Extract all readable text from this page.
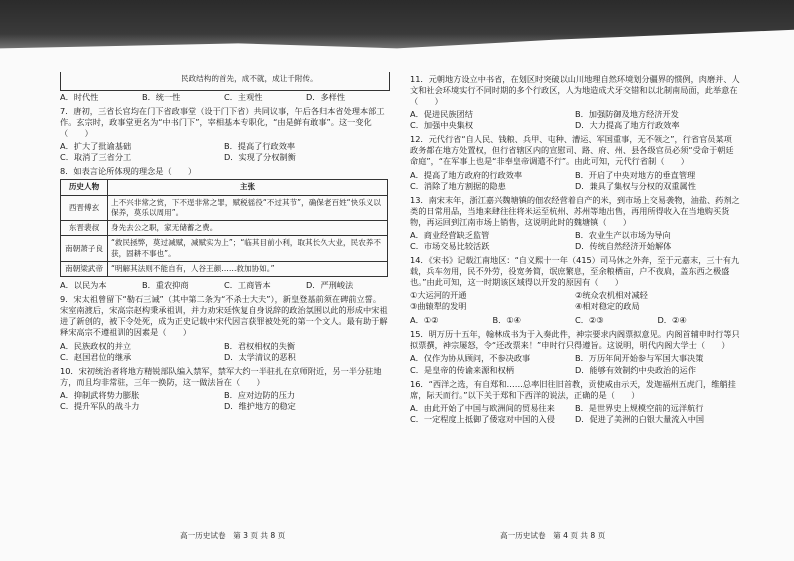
民政结构的首先，成不就，成让千附传。
A．时代性	B．统一性	C．主观性	D．多样性

7．唐初，三省长官均在门下省政事堂（设于门下省）共同议事，午后各归本省处理本部工作。玄宗时，政事堂更名为“中书门下”，宰相基本专职化，“由是鲜有敢事”。这一变化（　　）

A．扩大了批谕基础	B．提高了行政效率
C．取消了三省分工	D．实现了分权制衡

8．如表言论所体现的理念是（　　）

历史人物	主张
西晋傅玄	上不兴非常之赏，下不逞非常之罪，赋税徭役“不过其节”，确保老百姓“快乐义以保养，莫乐以周用”。
东晋裴叔	身先去公之职，家无储蓄之费。
南朝萧子良	“救民拯弊，莫过减赋，减赋实为上”；“临其目前小利，取其长久大业，民农养不获，固耕不事也”。
南朝梁武帝	“明解其法则不能自有，人谷王颜……救加协如。”
A．以民为本	B．重农抑商	C．工商皆本	D．严刑峻法

9．宋太祖曾留下“勒石三诫”（其中第二条为“不杀士大夫”），新皇登基前须在碑前立誓。宋室南渡后，宋高宗赵构秉承祖训，并力劝宋廷恢复自身说辞的政治氛围以此的形成中宋祖进了新创的，被下令处死，成为正史记载中宋代因言获罪被处死的第一个文人。最有助于解释宋高宗不遵祖训的因素是（　　）

A．民族政权的并立	B．君权相权的失衡
C．赵国君位的继承	D．太学清议的恶积

10．宋初统治者将地方精锐部队编入禁军，禁军大约一半驻扎在京师附近，另一半分驻地方，而且均非常驻，三年一换防，这一做法旨在（　　）

A．抑制武将势力膨胀	B．应对边防的压力
C．提升军队的战斗力	D．维护地方的稳定

11．元朝地方设立中书省，在划区时突破以山川地理自然环境划分疆界的惯例，肉磨并、人文和社会环境实行不同时期的多个行政区，人为地造成犬牙交错和以北制南局面，此举意在（　　）

A．促进民族团结	B．加强防御及地方经济开发
C．加强中央集权	D．大力提高了地方行政效率

12．元代行省“自人民、钱粮、兵甲、屯种、漕运、军国重事，无不领之”，行省官员某项政务都在地方处置权，但行省辖区内的宣慰司、路、府、州、县各级官员必须“受命于朝廷命庭”，“在军事上也是“非奉皇帝调遣不行”。由此可知，元代行省制（　　）

A．提高了地方政府的行政效率	B．开启了中央对地方的垂直管理
C．消除了地方割据的隐患	D．兼具了集权与分权的双重属性

13．南宋末年，浙江嘉兴魏塘镇的佃农经营着自产的米，到市场上交易袭物，油盐、药剂之类的日常用品，当地来肆往往将米运至杭州、苏州等地出售，再用所得收入在当地购买货物，再运回到江南市场上销售，这说明此时的魏塘镇（　　）

A．商业经营缺乏监管	B．农业生产以市场为导向
C．市场交易比较活跃	D．传统自然经济开始解体

14．《宋书》记载江南地区：“自义熙十一年（415）司马休之外奔，至于元嘉末，三十有九载，兵车勿用，民不外劳，役宽务简，氓庶繁息，至余粮栖亩，户不夜扃，盖东西之极盛也。”由此可知，这一时期该区域得以开发的原因有（　　）

①大运河的开通	②统众农机相对减轻
③曲辕犁的发明	④相对稳定的政局
A．①②	B．①④	C．②③	D．②④

15．明万历十五年，翰林成书为于入奏此件，神宗要求内阁票拟意见。内阁首辅申时行等只拟票撰，神宗屡怒，令“还改票来！”申时行只得遵旨。这说明，明代内阁大学士（　　）

A．仅作为协从顾问，不参决政事	B．万历年间开始参与军国大事决策
C．是皇帝的传谕来源和权柄	D．能够有效制约中央政治的运作

16．“西洋之选，有自郑和……总率旧往旧首教，贡使咸由示天，发迦福州五虎门，维艄挂席，际天而行。”以下关于郑和下西洋的说法，正确的是（　　）

A．由此开始了中国与欧洲间的贸易往来	B．是世界史上规模空前的远洋航行
C．一定程度上抵御了倭寇对中国的入侵	D．促进了美洲的白银大量流入中国
高一历史试卷　第 3 页 共 8 页	高一历史试卷　第 4 页 共 8 页
